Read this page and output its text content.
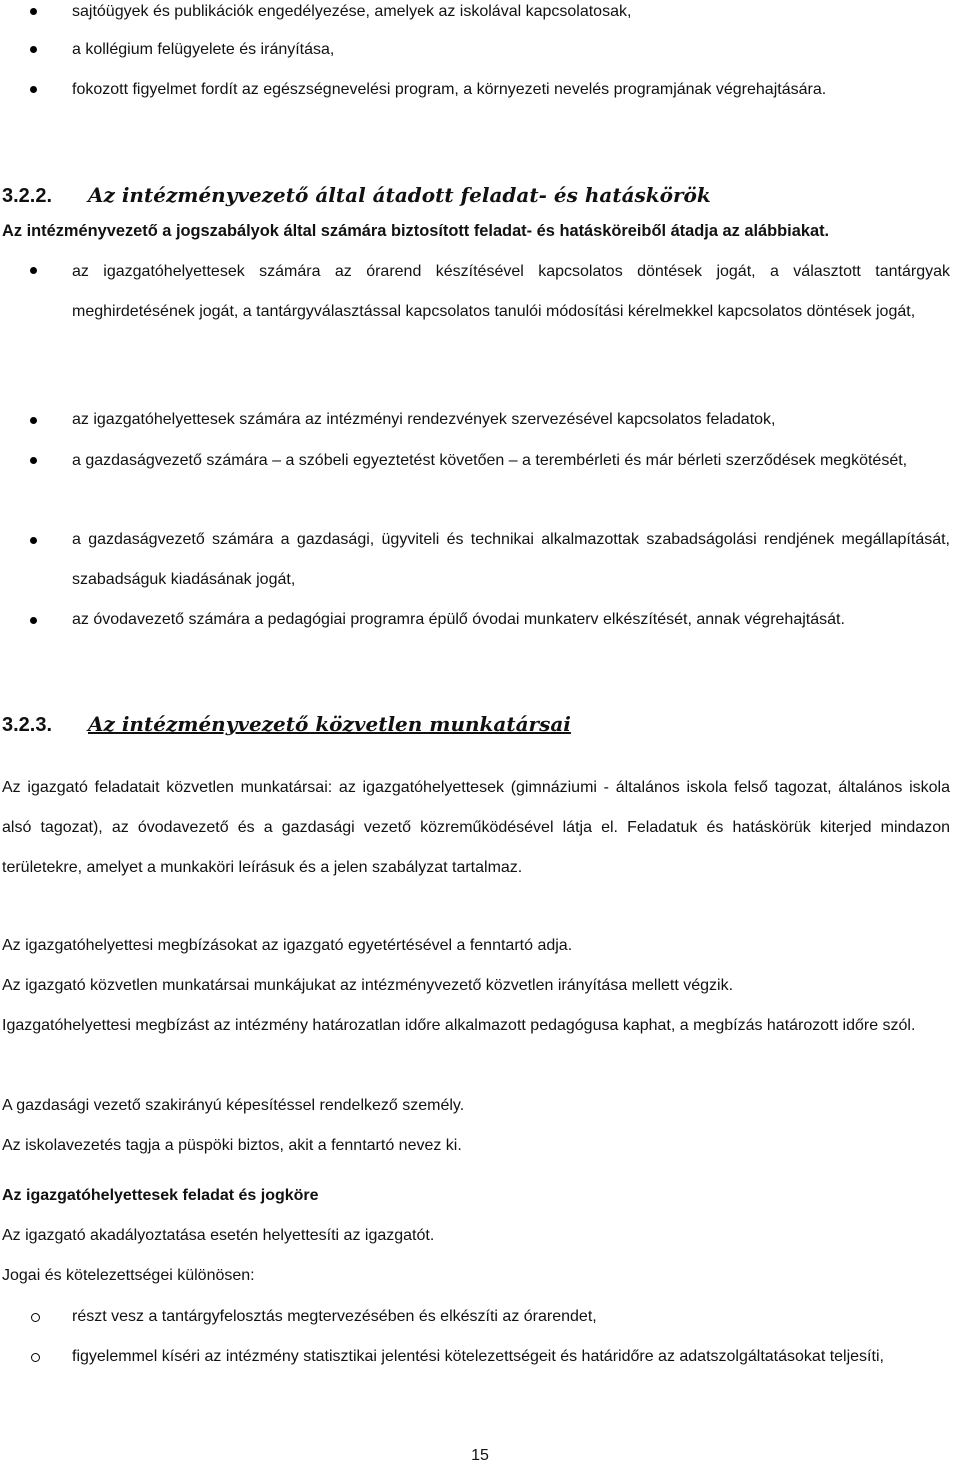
sajtóügyek és publikációk engedélyezése, amelyek az iskolával kapcsolatosak,
a kollégium felügyelete és irányítása,
fokozott figyelmet fordít az egészségnevelési program, a környezeti nevelés programjának végrehajtására.
3.2.2. Az intézményvezető által átadott feladat- és hatáskörök
Az intézményvezető a jogszabályok által számára biztosított feladat- és hatásköreiből átadja az alábbiakat.
az igazgatóhelyettesek számára az órarend készítésével kapcsolatos döntések jogát, a választott tantárgyak meghirdetésének jogát, a tantárgyválasztással kapcsolatos tanulói módosítási kérelmekkel kapcsolatos döntések jogát,
az igazgatóhelyettesek számára az intézményi rendezvények szervezésével kapcsolatos feladatok,
a gazdaságvezető számára – a szóbeli egyeztetést követően – a terembérleti és már bérleti szerződések megkötését,
a gazdaságvezető számára a gazdasági, ügyviteli és technikai alkalmazottak szabadságolási rendjének megállapítását, szabadságuk kiadásának jogát,
az óvodavezető számára a pedagógiai programra épülő óvodai munkaterv elkészítését, annak végrehajtását.
3.2.3. Az intézményvezető közvetlen munkatársai
Az igazgató feladatait közvetlen munkatársai: az igazgatóhelyettesek (gimnáziumi - általános iskola felső tagozat, általános iskola alsó tagozat), az óvodavezető és a gazdasági vezető közreműködésével látja el. Feladatuk és hatáskörük kiterjed mindazon területekre, amelyet a munkaköri leírásuk és a jelen szabályzat tartalmaz.
Az igazgatóhelyettesi megbízásokat az igazgató egyetértésével a fenntartó adja.
Az igazgató közvetlen munkatársai munkájukat az intézményvezető közvetlen irányítása mellett végzik.
Igazgatóhelyettesi megbízást az intézmény határozatlan időre alkalmazott pedagógusa kaphat, a megbízás határozott időre szól.
A gazdasági vezető szakirányú képesítéssel rendelkező személy.
Az iskolavezetés tagja a püspöki biztos, akit a fenntartó nevez ki.
Az igazgatóhelyettesek feladat és jogköre
Az igazgató akadályoztatása esetén helyettesíti az igazgatót.
Jogai és kötelezettségei különösen:
részt vesz a tantárgyfelosztás megtervezésében és elkészíti az órarendet,
figyelemmel kíséri az intézmény statisztikai jelentési kötelezettségeit és határidőre az adatszolgáltatásokat teljesíti,
15
